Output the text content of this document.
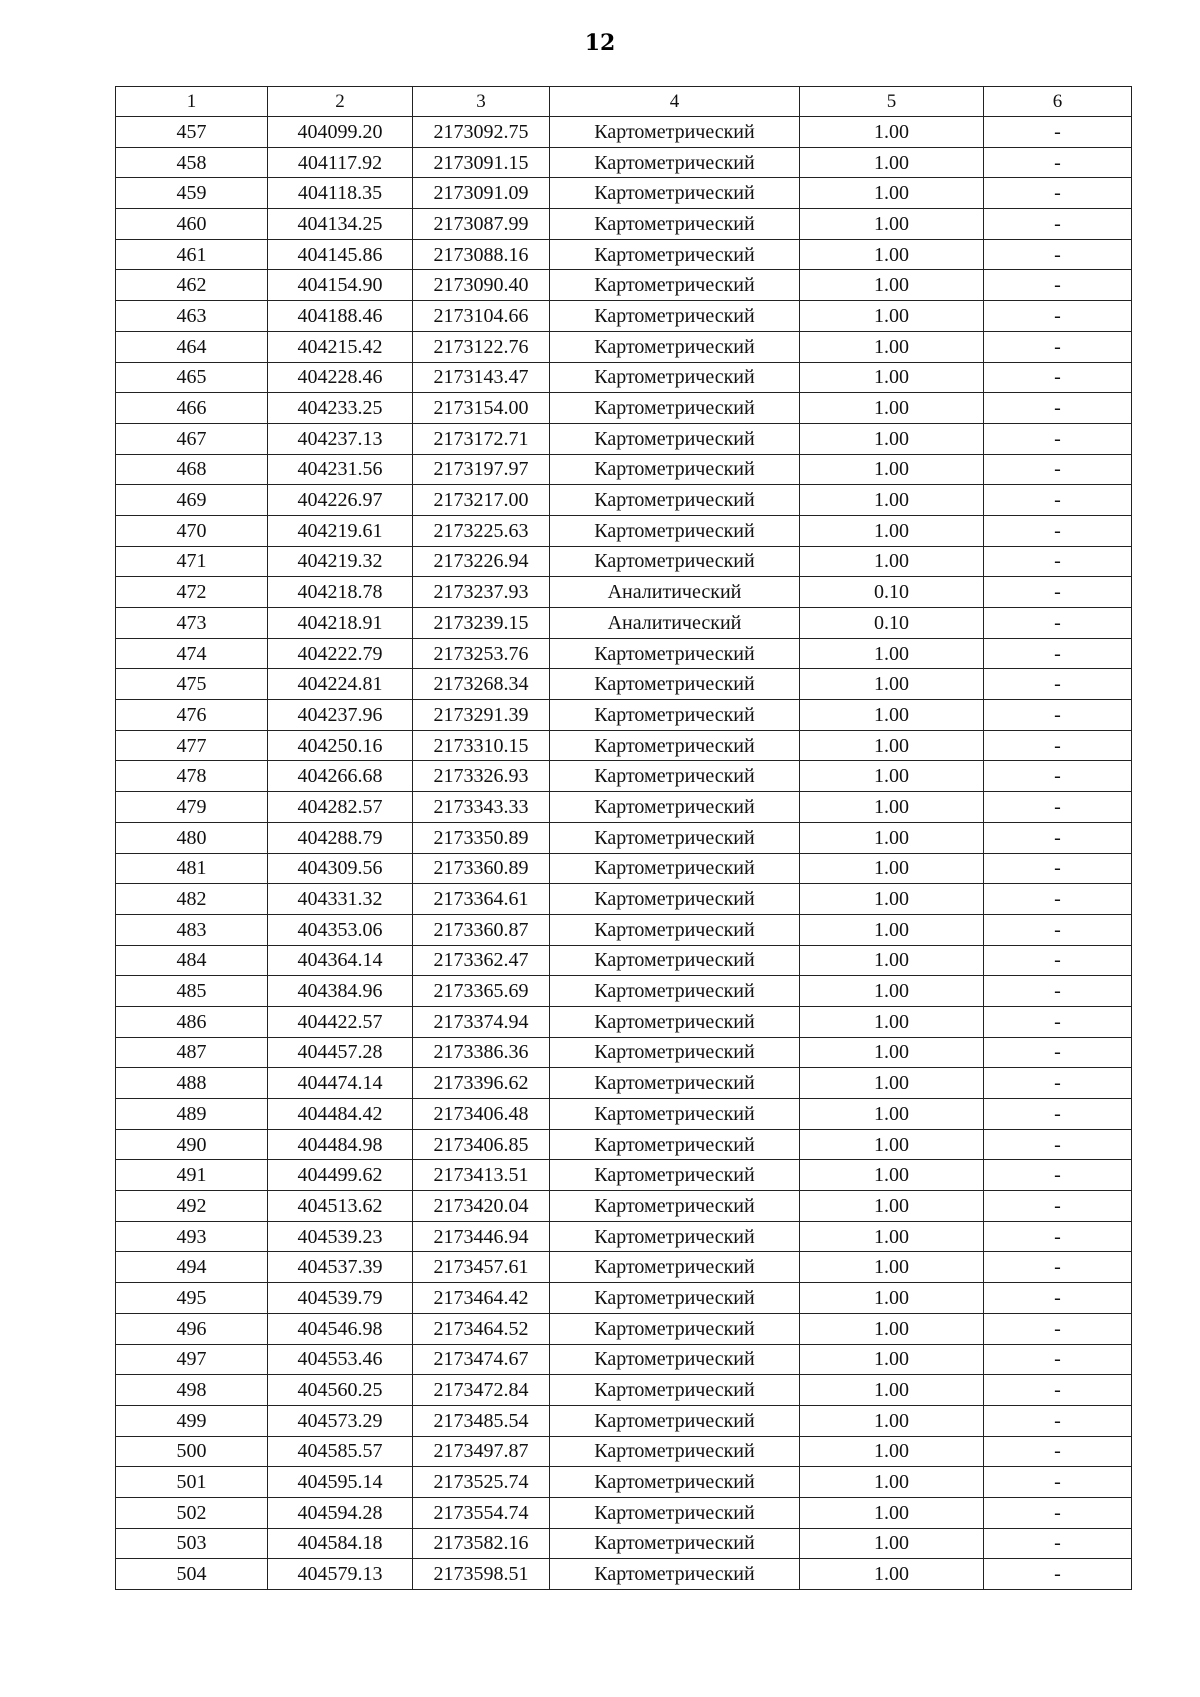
12
1	2	3	4	5	6
457	404099.20	2173092.75	Картометрический	1.00	-
458	404117.92	2173091.15	Картометрический	1.00	-
459	404118.35	2173091.09	Картометрический	1.00	-
460	404134.25	2173087.99	Картометрический	1.00	-
461	404145.86	2173088.16	Картометрический	1.00	-
462	404154.90	2173090.40	Картометрический	1.00	-
463	404188.46	2173104.66	Картометрический	1.00	-
464	404215.42	2173122.76	Картометрический	1.00	-
465	404228.46	2173143.47	Картометрический	1.00	-
466	404233.25	2173154.00	Картометрический	1.00	-
467	404237.13	2173172.71	Картометрический	1.00	-
468	404231.56	2173197.97	Картометрический	1.00	-
469	404226.97	2173217.00	Картометрический	1.00	-
470	404219.61	2173225.63	Картометрический	1.00	-
471	404219.32	2173226.94	Картометрический	1.00	-
472	404218.78	2173237.93	Аналитический	0.10	-
473	404218.91	2173239.15	Аналитический	0.10	-
474	404222.79	2173253.76	Картометрический	1.00	-
475	404224.81	2173268.34	Картометрический	1.00	-
476	404237.96	2173291.39	Картометрический	1.00	-
477	404250.16	2173310.15	Картометрический	1.00	-
478	404266.68	2173326.93	Картометрический	1.00	-
479	404282.57	2173343.33	Картометрический	1.00	-
480	404288.79	2173350.89	Картометрический	1.00	-
481	404309.56	2173360.89	Картометрический	1.00	-
482	404331.32	2173364.61	Картометрический	1.00	-
483	404353.06	2173360.87	Картометрический	1.00	-
484	404364.14	2173362.47	Картометрический	1.00	-
485	404384.96	2173365.69	Картометрический	1.00	-
486	404422.57	2173374.94	Картометрический	1.00	-
487	404457.28	2173386.36	Картометрический	1.00	-
488	404474.14	2173396.62	Картометрический	1.00	-
489	404484.42	2173406.48	Картометрический	1.00	-
490	404484.98	2173406.85	Картометрический	1.00	-
491	404499.62	2173413.51	Картометрический	1.00	-
492	404513.62	2173420.04	Картометрический	1.00	-
493	404539.23	2173446.94	Картометрический	1.00	-
494	404537.39	2173457.61	Картометрический	1.00	-
495	404539.79	2173464.42	Картометрический	1.00	-
496	404546.98	2173464.52	Картометрический	1.00	-
497	404553.46	2173474.67	Картометрический	1.00	-
498	404560.25	2173472.84	Картометрический	1.00	-
499	404573.29	2173485.54	Картометрический	1.00	-
500	404585.57	2173497.87	Картометрический	1.00	-
501	404595.14	2173525.74	Картометрический	1.00	-
502	404594.28	2173554.74	Картометрический	1.00	-
503	404584.18	2173582.16	Картометрический	1.00	-
504	404579.13	2173598.51	Картометрический	1.00	-
